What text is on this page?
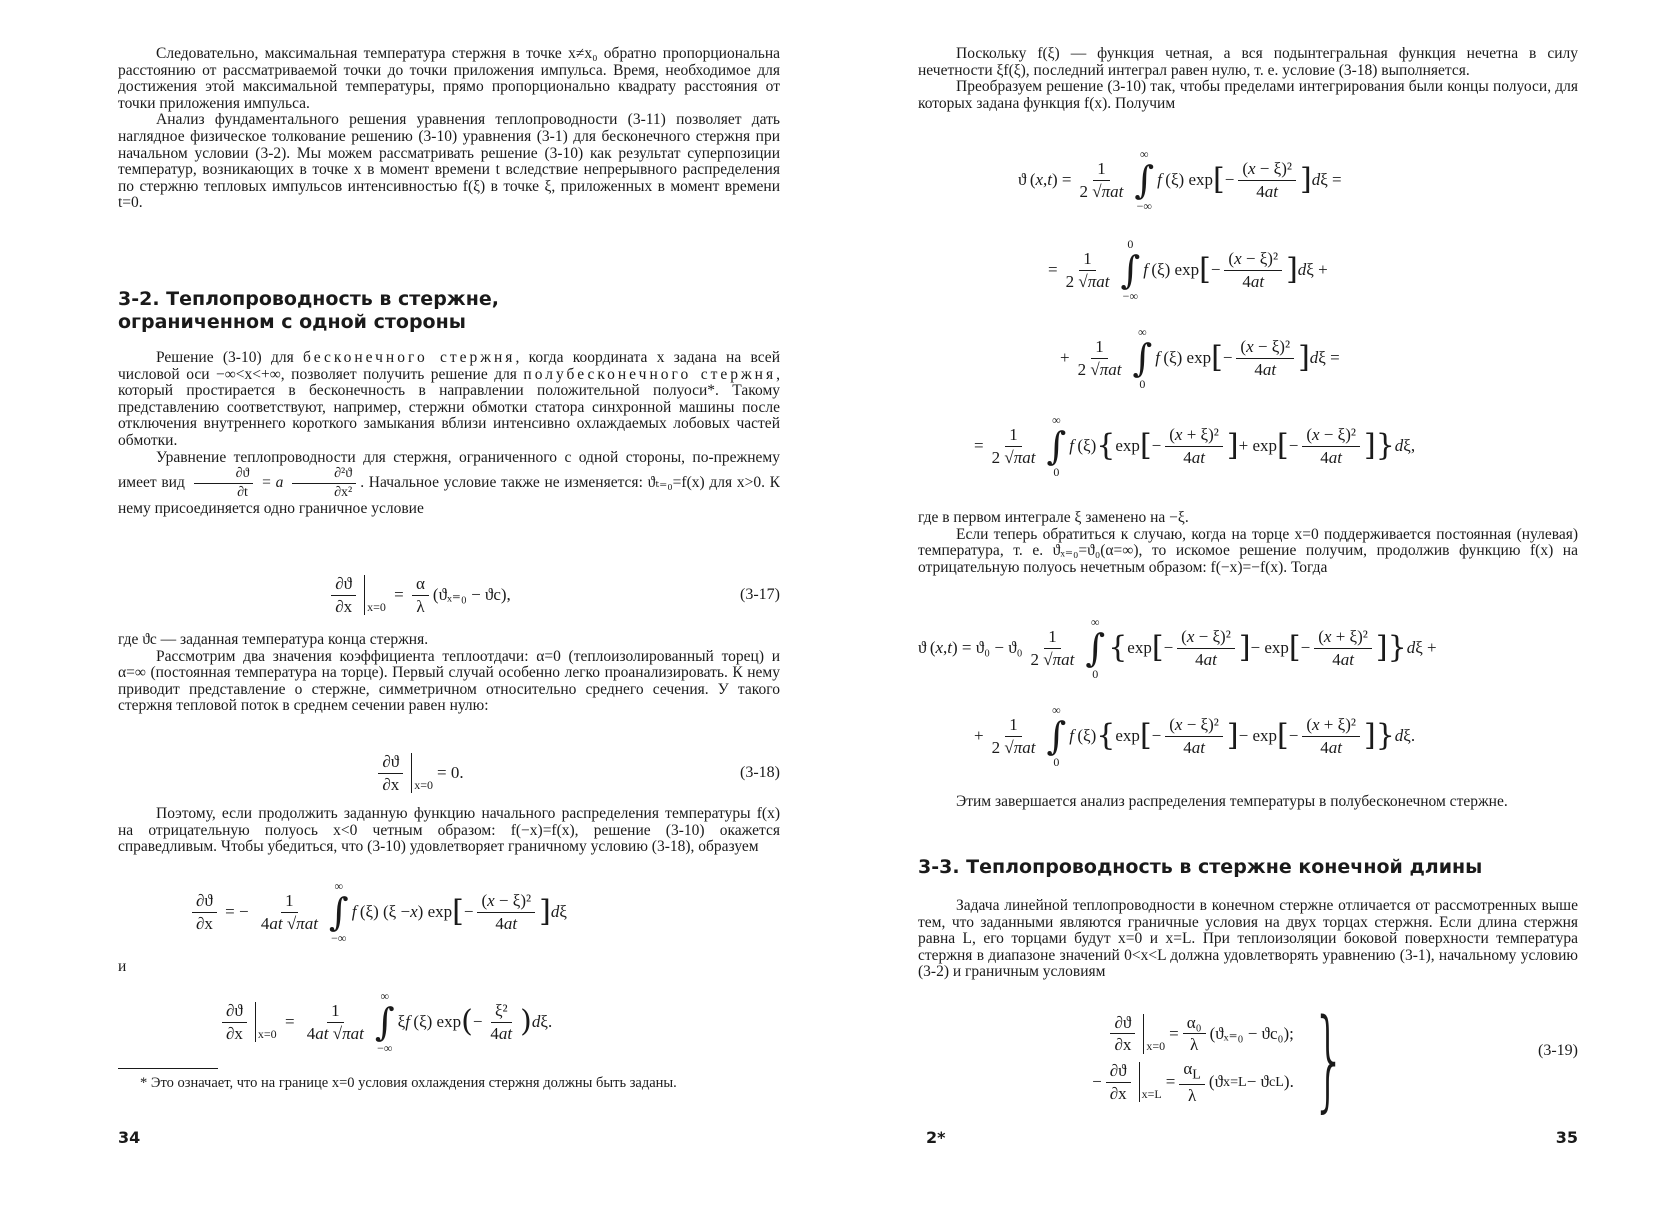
Следовательно, максимальная температура стержня в точке x≠x₀ обратно пропорциональна расстоянию от рассматриваемой точки до точки приложения импульса. Время, необходимое для достижения этой максимальной температуры, прямо пропорционально квадрату расстояния от точки приложения импульса.

Анализ фундаментального решения уравнения теплопроводности (3-11) позволяет дать наглядное физическое толкование решению (3-10) уравнения (3-1) для бесконечного стержня при начальном условии (3-2). Мы можем рассматривать решение (3-10) как результат суперпозиции температур, возникающих в точке x в момент времени t вследствие непрерывного распределения по стержню тепловых импульсов интенсивностью f(ξ) в точке ξ, приложенных в момент времени t=0.

3-2. Теплопроводность в стержне,
ограниченном с одной стороны

Решение (3-10) для бесконечного стержня, когда координата x задана на всей числовой оси −∞<x<+∞, позволяет получить решение для полубесконечного стержня, который простирается в бесконечность в направлении положительной полуоси*. Такому представлению соответствуют, например, стержни обмотки статора синхронной машины после отключения внутреннего короткого замыкания вблизи интенсивно охлаждаемых лобовых частей обмотки.

Уравнение теплопроводности для стержня, ограниченного с одной стороны, по-прежнему имеет вид $\frac{\partial ϑ}{\partial t} = a \frac{\text{∂²ϑ}}{\text{∂x²}}$ . Начальное условие также не изменяется: ϑₜ₌₀=f(x) для x>0. К нему присоединяется одно граничное условие

$\frac{\partial ϑ}{\partial x} x=0$
= $\frac{\alpha}{\lambda} (ϑ_{x=0} - ϑc)$,	(3-17)

где ϑc — заданная температура конца стержня.

Рассмотрим два значения коэффициента теплоотдачи: α=0 (теплоизолированный торец) и α=∞ (постоянная температура на торце). Первый случай особенно легко проанализировать. К нему приводит представление о стержне, симметричном относительно среднего сечения. У такого стержня тепловой поток в среднем сечении равен нулю:

$\frac{\partial ϑ}{\partial x} x=0$
= 0.	(3-18)

Поэтому, если продолжить заданную функцию начального распределения температуры f(x) на отрицательную полуось x<0 четным образом: f(−x)=f(x), решение (3-10) окажется справедливым. Чтобы убедиться, что (3-10) удовлетворяет граничному условию (3-18), образуем

$\frac{\partial ϑ}{\partial x}$ = − $\frac{1}{\text{4at √πat}}$
∞
∫
−∞
f  (ξ) (ξ − x ) exp [ − $\frac{\text{(x − ξ)²}}{4at}$ ] d ξ
и
$\frac{\partial ϑ}{\partial x} x=0$
= $\frac{1}{\text{4at √πat}}$
∞
∫
−∞
ξ f  (ξ) exp ( − $\frac{\text{ξ²}}{4at}$ ) d ξ.

* Это означает, что на границе x=0 условия охлаждения стержня должны быть заданы.

34

Поскольку f(ξ) — функция четная, а вся подынтегральная функция нечетна в силу нечетности ξf(ξ), последний интеграл равен нулю, т. е. условие (3-18) выполняется.

Преобразуем решение (3-10) так, чтобы пределами интегрирования были концы полуоси, для которых задана функция f(x). Получим

ϑ ( x , t ) = $\frac{1}{\text{2 √πat}}$
∞
∫
−∞
f  (ξ) exp [ − $\frac{\text{(x − ξ)²}}{4at}$ ] d ξ =
= $\frac{1}{\text{2 √πat}}$
0
∫
−∞
f  (ξ) exp [ − $\frac{\text{(x − ξ)²}}{4at}$ ] d ξ +
+ $\frac{1}{\text{2 √πat}}$
∞
∫
0
f  (ξ) exp [ − $\frac{\text{(x − ξ)²}}{4at}$ ] d ξ =
= $\frac{1}{\text{2 √πat}}$
∞
∫
0
f  (ξ) { exp [ − $\frac{\text{(x + ξ)²}}{4at}$ ] + exp [ − $\frac{\text{(x − ξ)²}}{4at}$ ] } d ξ,

где в первом интеграле ξ заменено на −ξ.

Если теперь обратиться к случаю, когда на торце x=0 поддерживается постоянная (нулевая) температура, т. е. ϑₓ₌₀=ϑ₀(α=∞), то искомое решение получим, продолжив функцию f(x) на отрицательную полуось нечетным образом: f(−x)=−f(x). Тогда

ϑ ( x , t ) = $ϑ_0 - ϑ_0 \frac{1}{\text{2 √πat}}$
∞
∫
0
{ exp [ − $\frac{\text{(x − ξ)²}}{4at}$ ] − exp [ − $\frac{\text{(x + ξ)²}}{4at}$ ] } d ξ +
+ $\frac{1}{\text{2 √πat}}$
∞
∫
0
f  (ξ) { exp [ − $\frac{\text{(x − ξ)²}}{4at}$ ] − exp [ − $\frac{\text{(x + ξ)²}}{4at}$ ] } d ξ.

Этим завершается анализ распределения температуры в полубесконечном стержне.

3-3. Теплопроводность в стержне конечной длины

Задача линейной теплопроводности в конечном стержне отличается от рассмотренных выше тем, что заданными являются граничные условия на двух торцах стержня. Если длина стержня равна L, его торцами будут x=0 и x=L. При теплоизоляции боковой поверхности температура стержня в диапазоне значений 0<x<L должна удовлетворять уравнению (3-1), начальному условию (3-2) и граничным условиям

$\frac{\partial ϑ}{\partial x} x=0$
= $\frac{\text{α₀}}{\lambda} (ϑ_{x=0} - ϑc_0)$;
− $\frac{\partial ϑ}{\partial x} x=L$
= $\frac{\alpha_L}{\lambda} (ϑ$ x=L − ϑ cL ). }	(3-19)
2*	35
